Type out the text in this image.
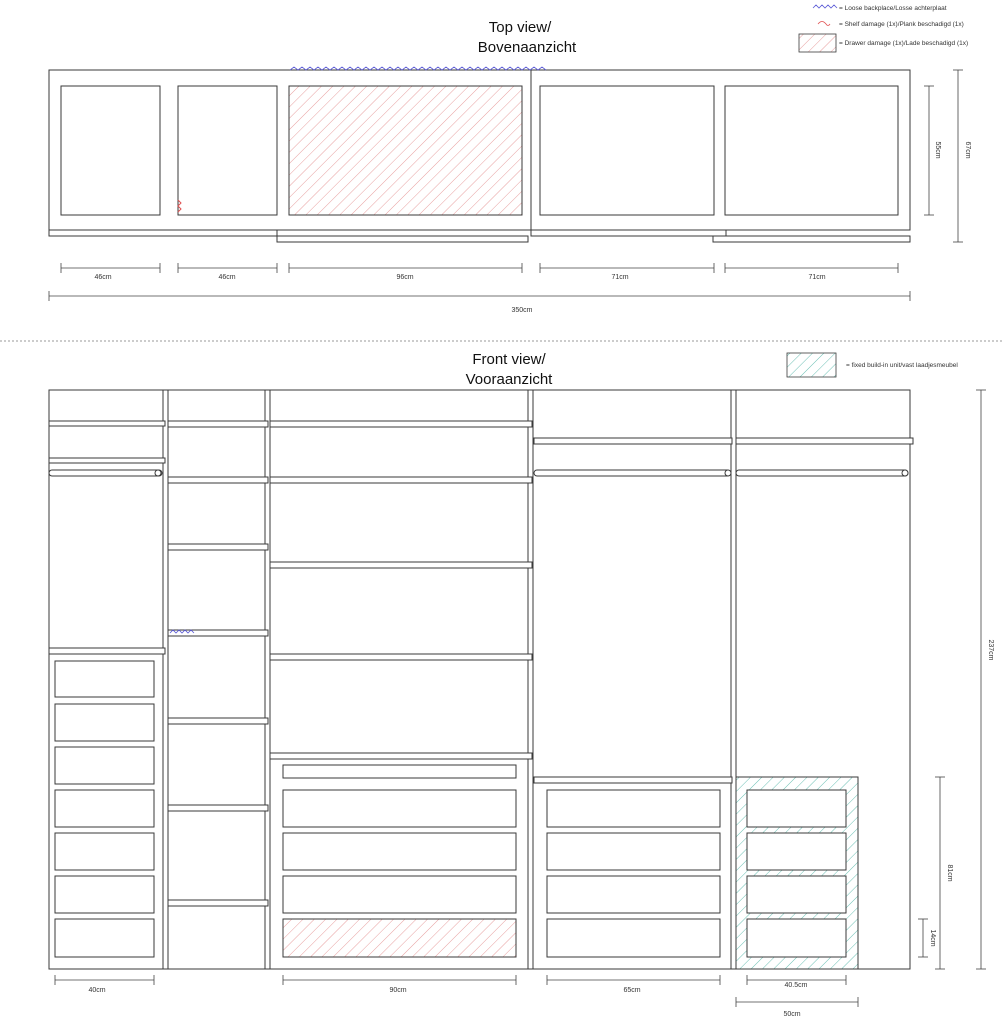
Top view/
Bovenaanzicht
Front view/
Vooraanzicht
= Loose backplace/Losse achterplaat
= Shelf damage (1x)/Plank beschadigd (1x)
= Drawer damage (1x)/Lade beschadigd (1x)
= fixed build-in unit/vast laadjesmeubel
46cm	46cm	96cm	71cm	71cm
350cm
55cm	67cm
40cm	90cm	65cm
40.5cm
50cm
237cm
81cm
14cm
